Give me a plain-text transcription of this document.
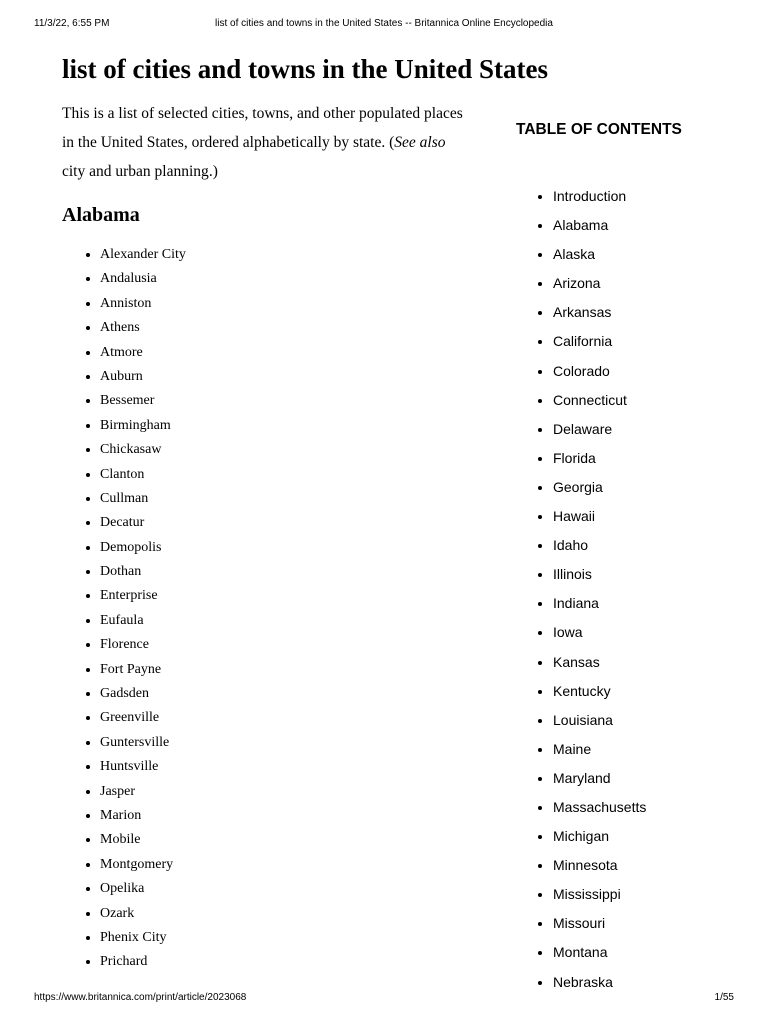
11/3/22, 6:55 PM	list of cities and towns in the United States -- Britannica Online Encyclopedia
list of cities and towns in the United States

This is a list of selected cities, towns, and other populated places in the United States, ordered alphabetically by state. (See also city and urban planning.)

Alabama
• Alexander City
• Andalusia
• Anniston
• Athens
• Atmore
• Auburn
• Bessemer
• Birmingham
• Chickasaw
• Clanton
• Cullman
• Decatur
• Demopolis
• Dothan
• Enterprise
• Eufaula
• Florence
• Fort Payne
• Gadsden
• Greenville
• Guntersville
• Huntsville
• Jasper
• Marion
• Mobile
• Montgomery
• Opelika
• Ozark
• Phenix City
• Prichard
TABLE OF CONTENTS
• Introduction
• Alabama
• Alaska
• Arizona
• Arkansas
• California
• Colorado
• Connecticut
• Delaware
• Florida
• Georgia
• Hawaii
• Idaho
• Illinois
• Indiana
• Iowa
• Kansas
• Kentucky
• Louisiana
• Maine
• Maryland
• Massachusetts
• Michigan
• Minnesota
• Mississippi
• Missouri
• Montana
• Nebraska
https://www.britannica.com/print/article/2023068	1/55
